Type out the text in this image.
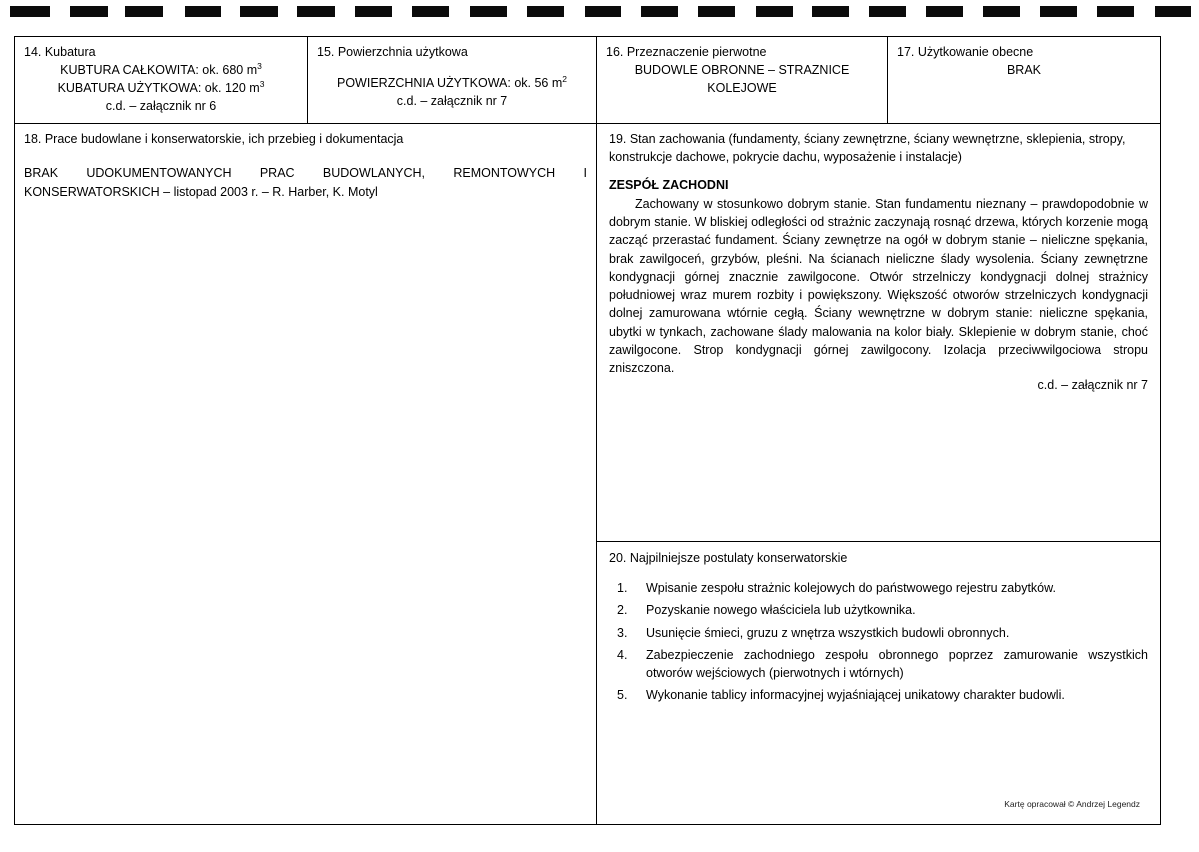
14. Kubatura
KUBTURA CAŁKOWITA: ok. 680 $m^3$
KUBATURA UŻYTKOWA: ok. 120 $m^3$
c.d. – załącznik nr 6

15. Powierzchnia użytkowa
POWIERZCHNIA UŻYTKOWA: ok. 56 $m^2$
c.d. – załącznik nr 7

16. Przeznaczenie pierwotne
BUDOWLE OBRONNE – STRAZNICE
KOLEJOWE

17. Użytkowanie obecne
BRAK

18. Prace budowlane i konserwatorskie, ich przebieg i dokumentacja
BRAK UDOKUMENTOWANYCH PRAC BUDOWLANYCH, REMONTOWYCH I KONSERWATORSKICH – listopad 2003 r. – R. Harber, K. Motyl

19. Stan zachowania (fundamenty, ściany zewnętrzne, ściany wewnętrzne, sklepienia, stropy, konstrukcje dachowe, pokrycie dachu, wyposażenie i instalacje)
ZESPÓŁ ZACHODNI
Zachowany w stosunkowo dobrym stanie. Stan fundamentu nieznany – prawdopodobnie w dobrym stanie. W bliskiej odległości od strażnic zaczynają rosnąć drzewa, których korzenie mogą zacząć przerastać fundament. Ściany zewnętrze na ogół w dobrym stanie – nieliczne spękania, brak zawilgoceń, grzybów, pleśni. Na ścianach nieliczne ślady wysolenia. Ściany zewnętrzne kondygnacji górnej znacznie zawilgocone. Otwór strzelniczy kondygnacji dolnej strażnicy południowej wraz murem rozbity i powiększony. Większość otworów strzelniczych kondygnacji dolnej zamurowana wtórnie cegłą. Ściany wewnętrzne w dobrym stanie: nieliczne spękania, ubytki w tynkach, zachowane ślady malowania na kolor biały. Sklepienie w dobrym stanie, choć zawilgocone. Strop kondygnacji górnej zawilgocony. Izolacja przeciwwilgociowa stropu zniszczona.
c.d. – załącznik nr 7
20. Najpilniejsze postulaty konserwatorskie
1. Wpisanie zespołu strażnic kolejowych do państwowego rejestru zabytków.
2. Pozyskanie nowego właściciela lub użytkownika.
3. Usunięcie śmieci, gruzu z wnętrza wszystkich budowli obronnych.
4. Zabezpieczenie zachodniego zespołu obronnego poprzez zamurowanie wszystkich otworów wejściowych (pierwotnych i wtórnych)
5. Wykonanie tablicy informacyjnej wyjaśniającej unikatowy charakter budowli.
Kartę opracował © Andrzej Legendz
